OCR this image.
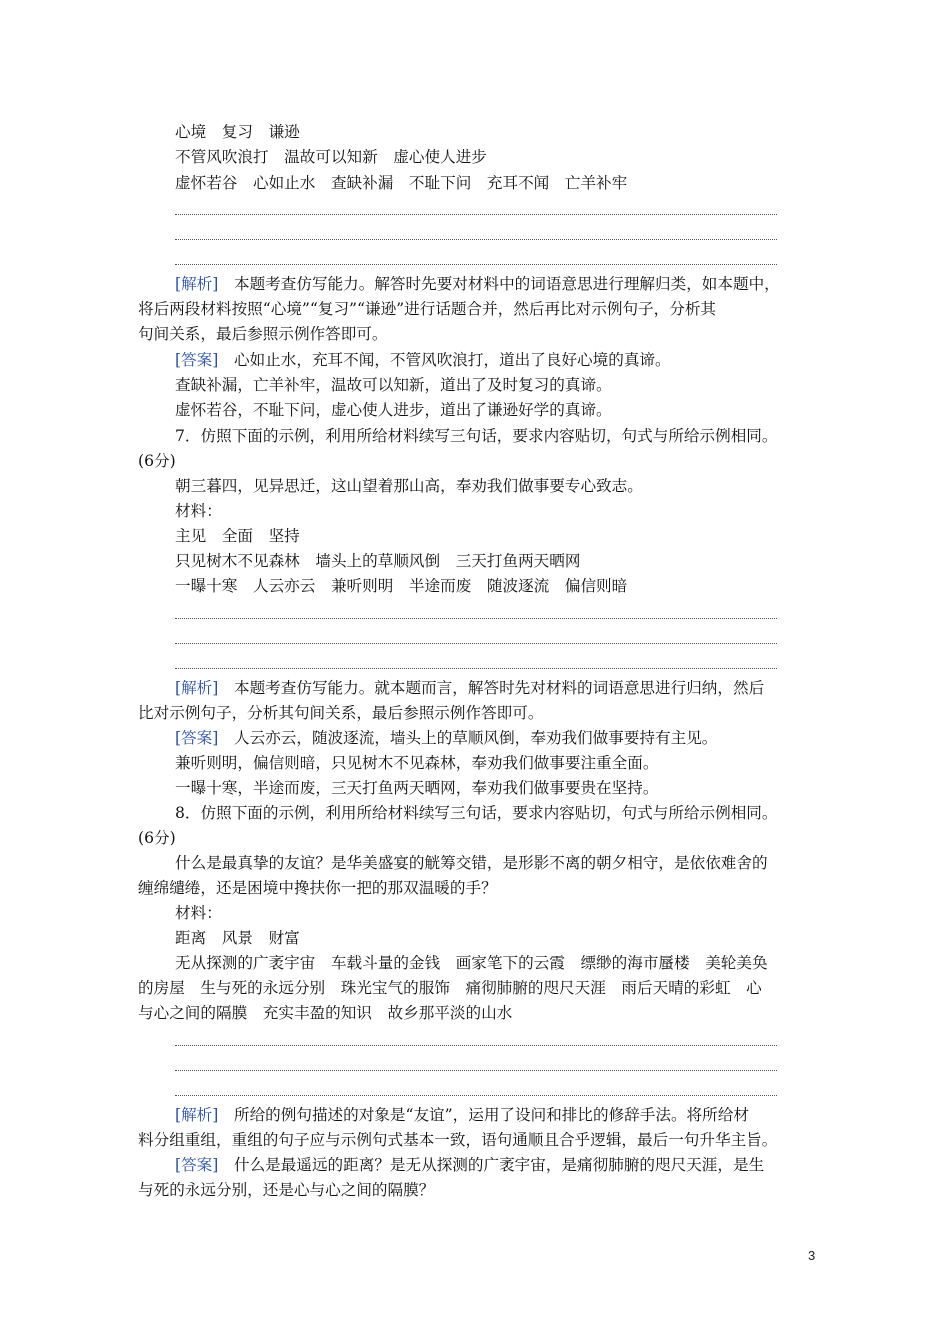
心境　复习　谦逊
不管风吹浪打　温故可以知新　虚心使人进步
虚怀若谷　心如止水　查缺补漏　不耻下问　充耳不闻　亡羊补牢
[解析]　 本题考查仿写能力。解答时先要对材料中的词语意思进行理解归类，如本题中，
将后两段材料按照“心境”“复习”“谦逊”进行话题合并，然后再比对示例句子，分析其
句间关系，最后参照示例作答即可。
[答案]　 心如止水，充耳不闻，不管风吹浪打，道出了良好心境的真谛。
查缺补漏，亡羊补牢，温故可以知新，道出了及时复习的真谛。
虚怀若谷，不耻下问，虚心使人进步，道出了谦逊好学的真谛。
7．仿照下面的示例，利用所给材料续写三句话，要求内容贴切，句式与所给示例相同。
(6分)
朝三暮四，见异思迁，这山望着那山高，奉劝我们做事要专心致志。
材料：
主见　全面　坚持
只见树木不见森林　墙头上的草顺风倒　三天打鱼两天晒网
一曝十寒　人云亦云　兼听则明　半途而废　随波逐流　偏信则暗
[解析]　 本题考查仿写能力。就本题而言，解答时先对材料的词语意思进行归纳，然后
比对示例句子，分析其句间关系，最后参照示例作答即可。
[答案]　 人云亦云，随波逐流，墙头上的草顺风倒，奉劝我们做事要持有主见。
兼听则明，偏信则暗，只见树木不见森林，奉劝我们做事要注重全面。
一曝十寒，半途而废，三天打鱼两天晒网，奉劝我们做事要贵在坚持。
8．仿照下面的示例，利用所给材料续写三句话，要求内容贴切，句式与所给示例相同。
(6分)
什么是最真挚的友谊？是华美盛宴的觥筹交错，是形影不离的朝夕相守，是依依难舍的
缠绵缱绻，还是困境中搀扶你一把的那双温暖的手？
材料：
距离　风景　财富
无从探测的广袤宇宙　车载斗量的金钱　画家笔下的云霞　缥缈的海市蜃楼　美轮美奂
的房屋　生与死的永远分别　珠光宝气的服饰　痛彻肺腑的咫尺天涯　雨后天晴的彩虹　心
与心之间的隔膜　充实丰盈的知识　故乡那平淡的山水
[解析]　 所给的例句描述的对象是“友谊”，运用了设问和排比的修辞手法。将所给材
料分组重组，重组的句子应与示例句式基本一致，语句通顺且合乎逻辑，最后一句升华主旨。
[答案]　 什么是最遥远的距离？是无从探测的广袤宇宙，是痛彻肺腑的咫尺天涯，是生
与死的永远分别，还是心与心之间的隔膜？
3
